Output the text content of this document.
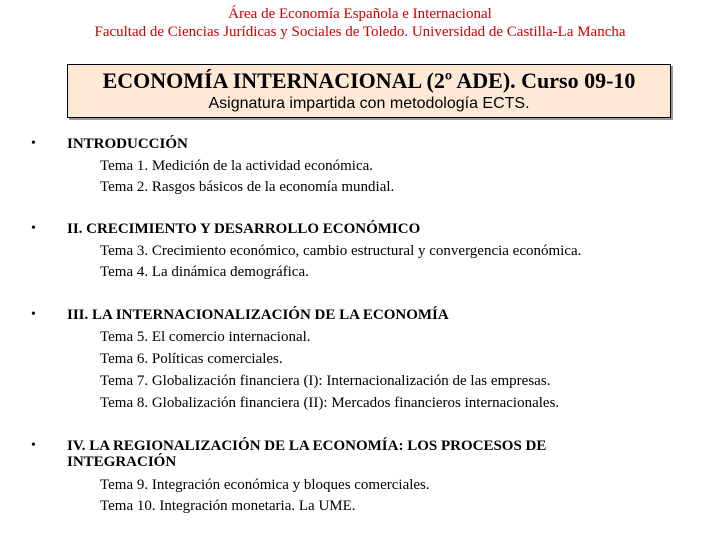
Área de Economía Española e Internacional
Facultad de Ciencias Jurídicas y Sociales de Toledo. Universidad de Castilla-La Mancha
ECONOMÍA INTERNACIONAL (2º ADE). Curso 09-10
Asignatura impartida con metodología ECTS.
• INTRODUCCIÓN
Tema 1. Medición de la actividad económica.
Tema 2. Rasgos básicos de la economía mundial.
• II. CRECIMIENTO Y DESARROLLO ECONÓMICO
Tema 3. Crecimiento económico, cambio estructural y convergencia económica.
Tema 4. La dinámica demográfica.
• III. LA INTERNACIONALIZACIÓN DE LA ECONOMÍA
Tema 5. El comercio internacional.
Tema 6. Políticas comerciales.
Tema 7. Globalización financiera (I): Internacionalización de las empresas.
Tema 8. Globalización financiera (II): Mercados financieros internacionales.
• IV. LA REGIONALIZACIÓN DE LA ECONOMÍA: LOS PROCESOS DE
INTEGRACIÓN
Tema 9. Integración económica y bloques comerciales.
Tema 10. Integración monetaria. La UME.
